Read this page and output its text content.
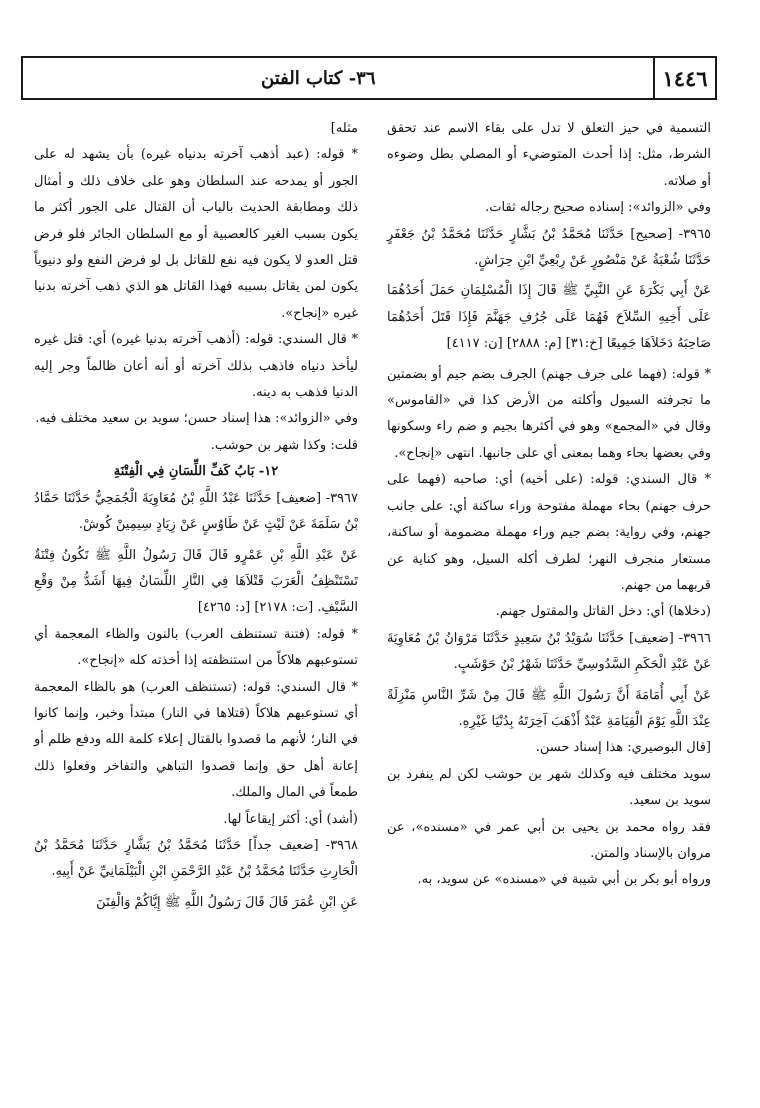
١٤٤٦
٣٦- كتاب الفتن

التسمية في حيز التعلق لا تدل على بقاء الاسم عند تحقق الشرط، مثل: إذا أحدث المتوضيء أو المصلي بطل وضوءه أو صلاته.

وفي «الزوائد»: إسناده صحيح رجاله ثقات.

٣٩٦٥- [صحيح] حَدَّثَنَا مُحَمَّدُ بْنُ بَشَّارٍ حَدَّثَنَا مُحَمَّدُ بْنُ جَعْفَرٍ حَدَّثَنَا شُعْبَةُ عَنْ مَنْصُورٍ عَنْ رِبْعِيِّ ابْنِ حِرَاشٍ.

عَنْ أَبِي بَكْرَةَ عَنِ النَّبِيِّ ﷺ قَالَ إِذَا الْمُسْلِمَانِ حَمَلَ أَحَدُهُمَا عَلَى أَخِيهِ السِّلاَحَ فَهُمَا عَلَى جُرُفِ جَهَنَّمَ فَإِذَا قَتَلَ أَحَدُهُمَا صَاحِبَهُ دَخَلاَهَا جَمِيعًا [خ:٣١] [م: ٢٨٨٨] [ن: ٤١١٧]

* قوله: (فهما على جرف جهنم) الجرف بضم جيم أو بضمتين ما تجرفته السيول وأكلته من الأرض كذا في «القاموس» وقال في «المجمع» وهو في أكثرها بجيم و ضم راء وسكونها وفي بعضها بحاء وهما بمعنى أي على جانبها. انتهى «إنجاح».

* قال السندي: قوله: (على أخيه) أي: صاحبه (فهما على حرف جهنم) بحاء مهملة مفتوحة وراء ساكنة أي: على جانب جهنم، وفي رواية: بضم جيم وراء مهملة مضمومة أو ساكنة، مستعار منجرف النهر؛ لطرف أكله السيل، وهو كناية عن قربهما من جهنم.

(دخلاها) أي: دخل القاتل والمقتول جهنم.

٣٩٦٦- [ضعيف] حَدَّثَنَا سُوَيْدُ بْنُ سَعِيدٍ حَدَّثَنَا مَرْوَانُ بْنُ مُعَاوِيَةَ عَنْ عَبْدِ الْحَكَمِ السَّدُوسِيِّ حَدَّثَنَا شَهْرُ بْنُ حَوْشَبٍ.

عَنْ أَبِي أُمَامَةَ أَنَّ رَسُولَ اللَّهِ ﷺ قَالَ مِنْ شَرِّ النَّاسِ مَنْزِلَةً عِنْدَ اللَّهِ يَوْمَ الْقِيَامَةِ عَبْدٌ أَذْهَبَ آخِرَتَهُ بِدُنْيَا غَيْرِهِ.

[قال البوصيري: هذا إسناد حسن.

سويد مختلف فيه وكذلك شهر بن حوشب لكن لم ينفرد بن سويد بن سعيد.

فقد رواه محمد بن يحيى بن أبي عمر في «مسنده»، عن مروان بالإسناد والمتن.

ورواه أبو بكر بن أبي شيبة في «مسنده» عن سويد، به.

مثله]

* قوله: (عبد أذهب آخرته بدنياه غيره) بأن يشهد له على الجور أو يمدحه عند السلطان وهو على خلاف ذلك و أمثال ذلك ومطابقة الحديث بالباب أن القتال على الجور أكثر ما يكون بسبب الغير كالعصبية أو مع السلطان الجائر فلو فرض قتل العدو لا يكون فيه نفع للقاتل بل لو فرض النفع ولو دنيوياً يكون لمن يقاتل بسببه فهذا القاتل هو الذي ذهب آخرته بدنيا غيره «إنجاح».

* قال السندي: قوله: (أذهب آخرته بدنيا غيره) أي: قتل غيره ليأخذ دنياه فاذهب بذلك آخرته أو أنه أعان ظالماً وجر إليه الدنيا فذهب به دينه.

وفي «الزوائد»: هذا إسناد حسن؛ سويد بن سعيد مختلف فيه.

قلت: وكذا شهر بن حوشب.

١٢- بَابُ كَفِّ اللِّسَانِ فِي الْفِتْنَةِ

٣٩٦٧- [ضعيف] حَدَّثَنَا عَبْدُ اللَّهِ بْنُ مُعَاوِيَةَ الْجُمَحِيُّ حَدَّثَنَا حَمَّادُ بْنُ سَلَمَةَ عَنْ لَيْثٍ عَنْ طَاوُسٍ عَنْ زِيَادٍ سِيمِينْ كُوشْ.

عَنْ عَبْدِ اللَّهِ بْنِ عَمْرٍو قَالَ قَالَ رَسُولُ اللَّهِ ﷺ تَكُونُ فِتْنَةٌ تَسْتَنْظِفُ الْعَرَبَ قَتْلاَهَا فِي النَّارِ اللِّسَانُ فِيهَا أَشَدُّ مِنْ وَقْعِ السَّيْفِ. [ت: ٢١٧٨] [د: ٤٢٦٥]

* قوله: (فتنة تستنظف العرب) بالنون والظاء المعجمة أي تستوعبهم هلاكاً من استنظفته إذا أخذته كله «إنجاح».

* قال السندي: قوله: (تستنظف العرب) هو بالظاء المعجمة أي تستوعبهم هلاكاً (قتلاها في النار) مبتدأ وخبر، وإنما كانوا في النار؛ لأنهم ما قصدوا بالقتال إعلاء كلمة الله ودفع ظلم أو إعانة أهل حق وإنما قصدوا التباهي والتفاخر وفعلوا ذلك طمعاً في المال والملك.

(أشد) أي: أكثر إيقاعاً لها.

٣٩٦٨- [ضعيف جداً] حَدَّثَنَا مُحَمَّدُ بْنُ بَشَّارٍ حَدَّثَنَا مُحَمَّدُ بْنُ الْحَارِثِ حَدَّثَنَا مُحَمَّدُ بْنُ عَبْدِ الرَّحْمَنِ ابْنِ الْبَيْلَمَانِيِّ عَنْ أَبِيهِ.

عَنِ ابْنِ عُمَرَ قَالَ قَالَ رَسُولُ اللَّهِ ﷺ إِيَّاكُمْ وَالْفِتَنَ
